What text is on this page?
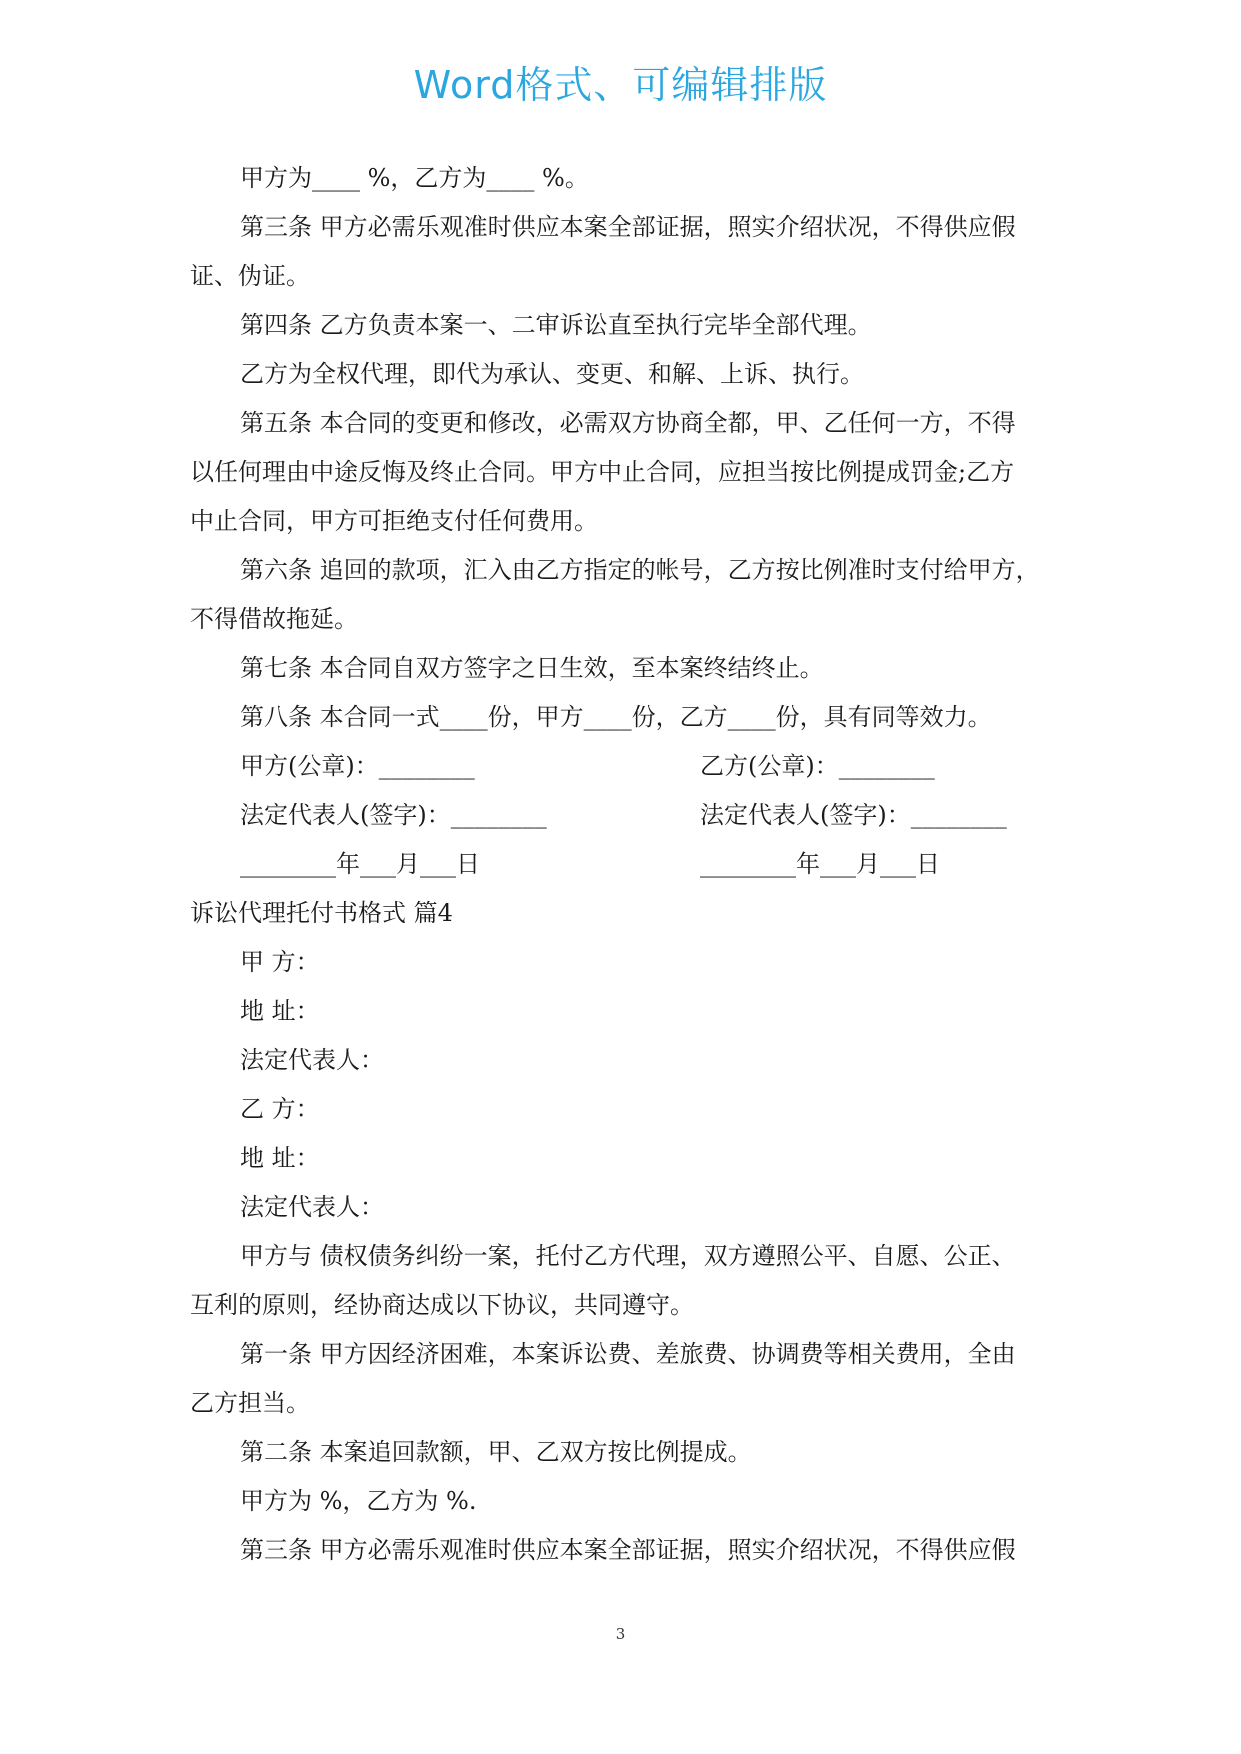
Word格式、可编辑排版
甲方为____ %，乙方为____ %。
第三条 甲方必需乐观准时供应本案全部证据，照实介绍状况，不得供应假
证、伪证。
第四条 乙方负责本案一、二审诉讼直至执行完毕全部代理。
乙方为全权代理，即代为承认、变更、和解、上诉、执行。
第五条 本合同的变更和修改，必需双方协商全都，甲、乙任何一方，不得
以任何理由中途反悔及终止合同。甲方中止合同，应担当按比例提成罚金;乙方
中止合同，甲方可拒绝支付任何费用。
第六条 追回的款项，汇入由乙方指定的帐号，乙方按比例准时支付给甲方，
不得借故拖延。
第七条 本合同自双方签字之日生效，至本案终结终止。
第八条 本合同一式____份，甲方____份，乙方____份，具有同等效力。
甲方(公章)：________	乙方(公章)：________
法定代表人(签字)：________	法定代表人(签字)：________
________年___月___日	________年___月___日
诉讼代理托付书格式 篇4
甲 方：
地 址：
法定代表人：
乙 方：
地 址：
法定代表人：
甲方与 债权债务纠纷一案，托付乙方代理，双方遵照公平、自愿、公正、
互利的原则，经协商达成以下协议，共同遵守。
第一条 甲方因经济困难，本案诉讼费、差旅费、协调费等相关费用，全由
乙方担当。
第二条 本案追回款额，甲、乙双方按比例提成。
甲方为 %，乙方为 %.
第三条 甲方必需乐观准时供应本案全部证据，照实介绍状况，不得供应假
3
